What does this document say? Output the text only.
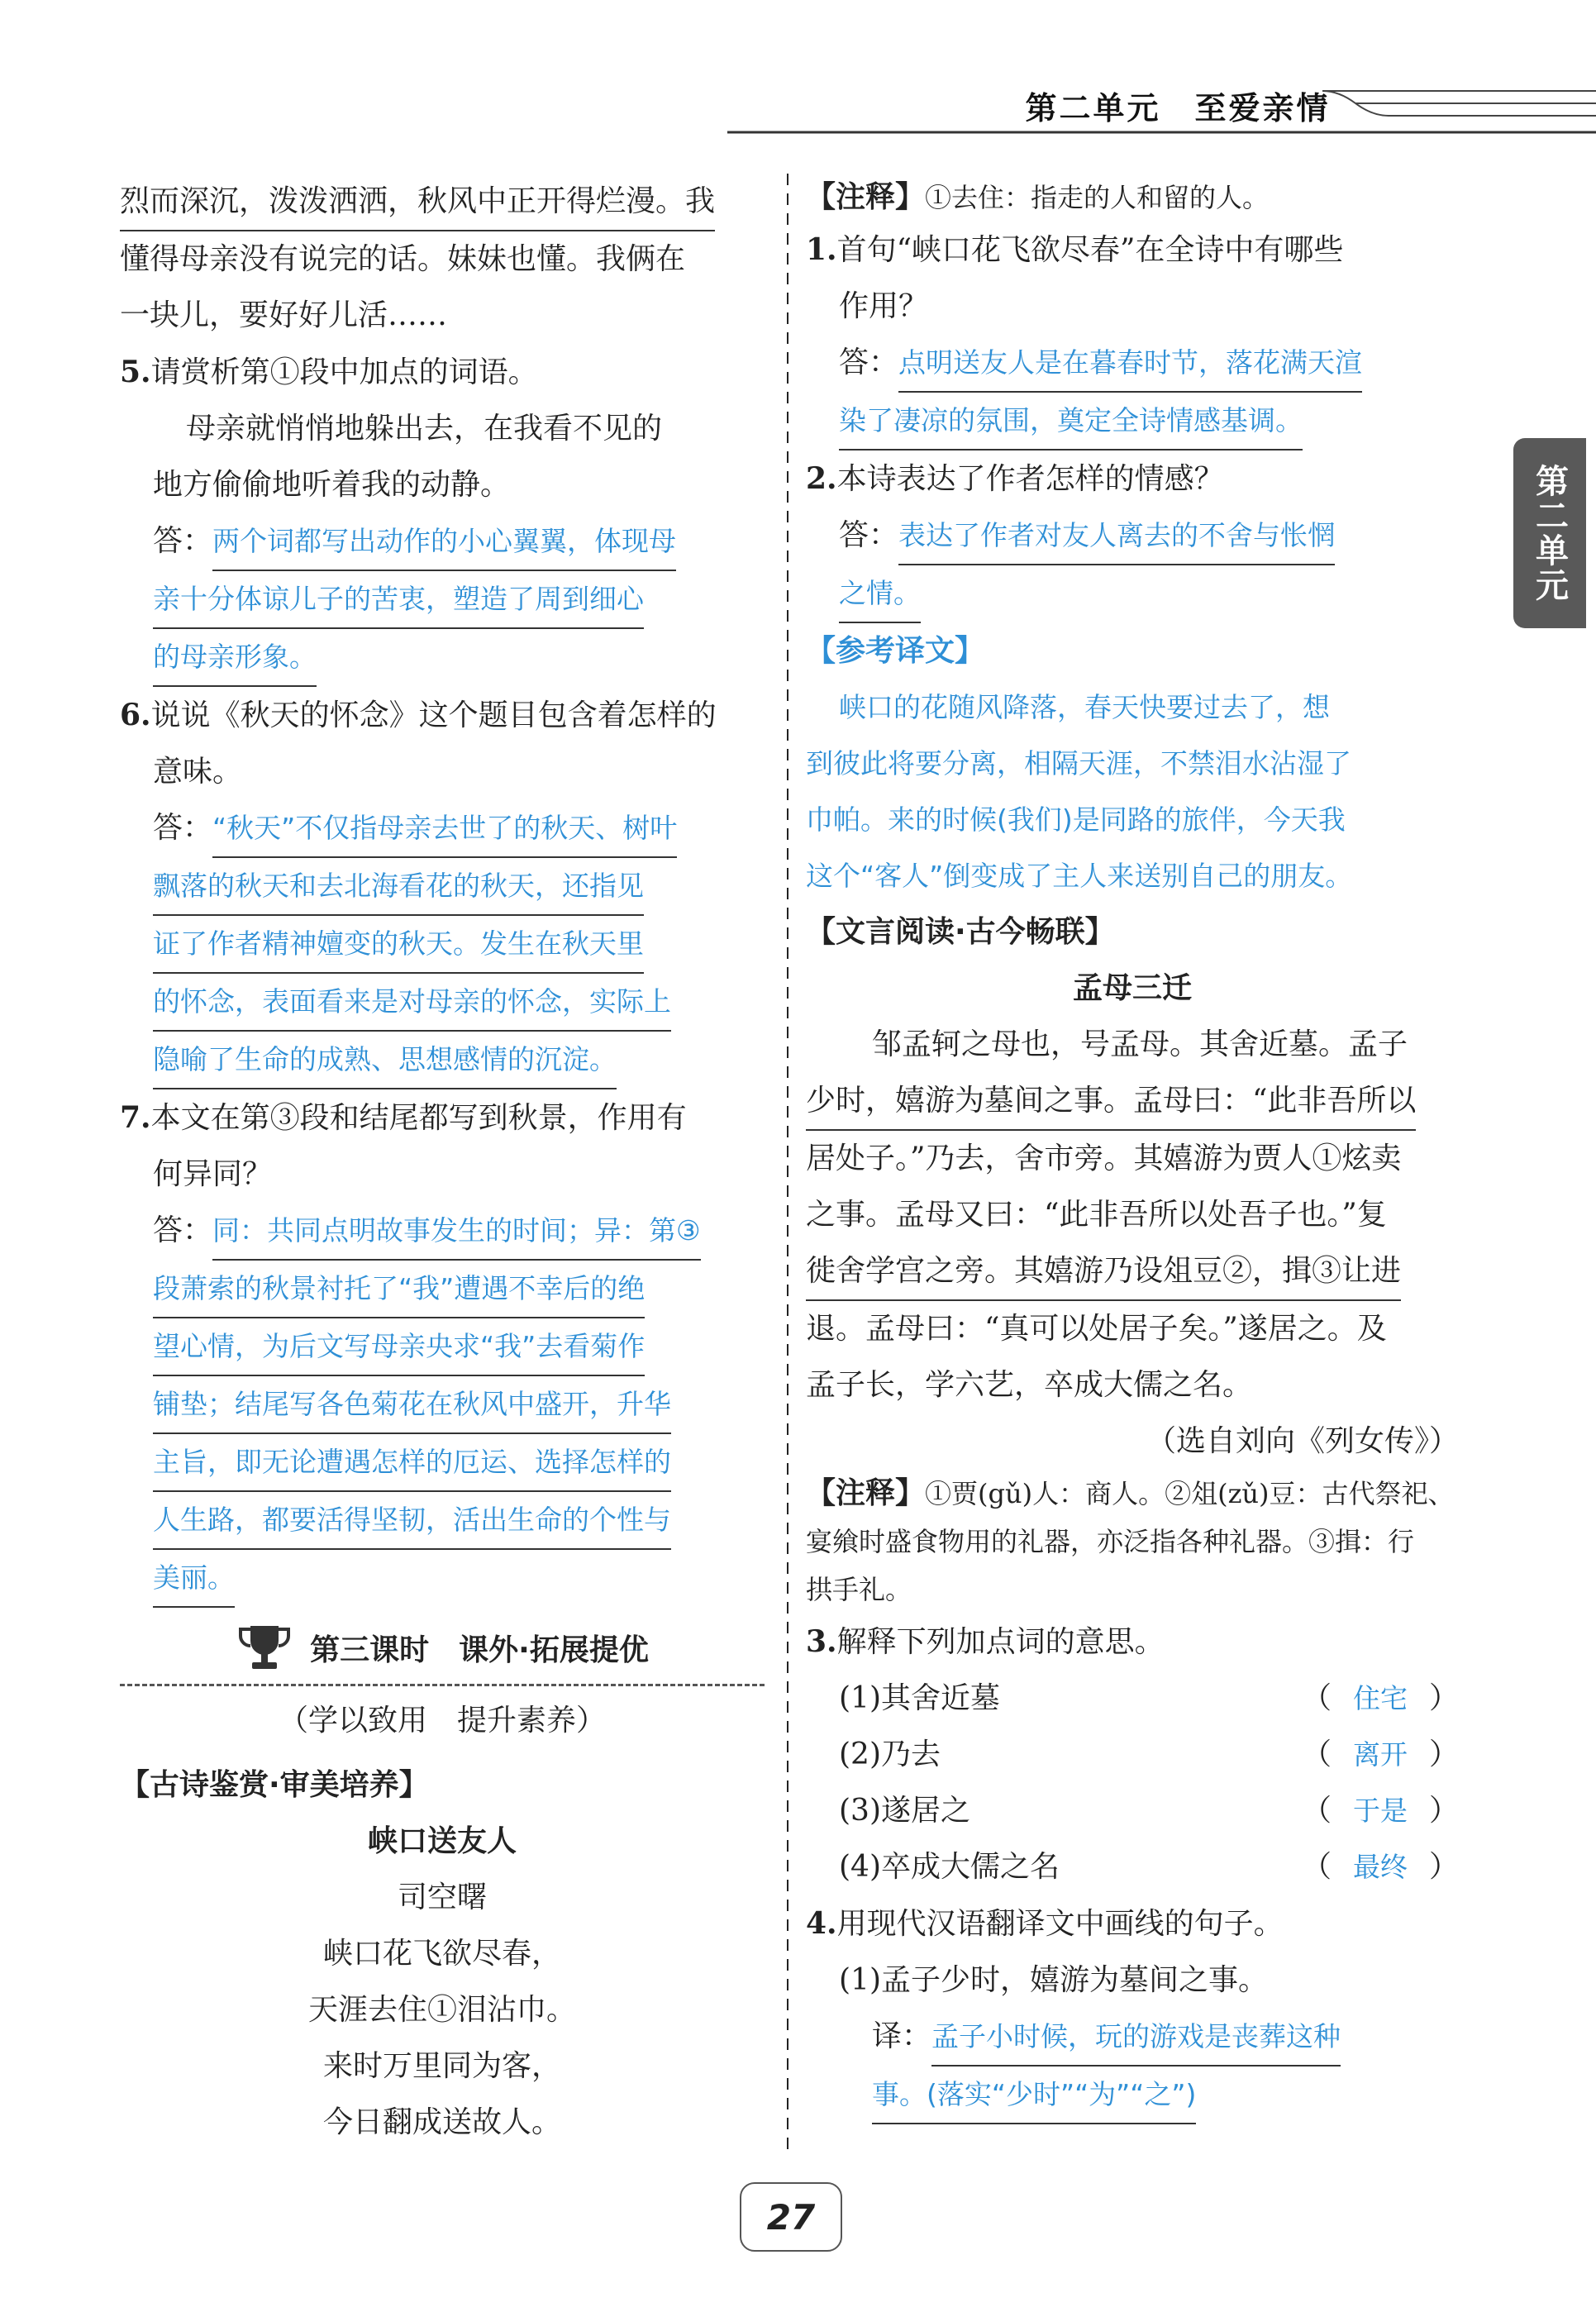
第二单元　至爱亲情
第二单元
烈而深沉，泼泼洒洒，秋风中正开得烂漫。我
懂得母亲没有说完的话。妹妹也懂。我俩在
一块儿，要好好儿活……
5.请赏析第①段中加点的词语。
母亲就悄悄地躲出去，在我看不见的
地方偷偷地听着我的动静。
答：两个词都写出动作的小心翼翼，体现母
亲十分体谅儿子的苦衷，塑造了周到细心
的母亲形象。
6.说说《秋天的怀念》这个题目包含着怎样的
意味。
答：“秋天”不仅指母亲去世了的秋天、树叶
飘落的秋天和去北海看花的秋天，还指见
证了作者精神嬗变的秋天。发生在秋天里
的怀念，表面看来是对母亲的怀念，实际上
隐喻了生命的成熟、思想感情的沉淀。
7.本文在第③段和结尾都写到秋景，作用有
何异同？
答：同：共同点明故事发生的时间；异：第③
段萧索的秋景衬托了“我”遭遇不幸后的绝
望心情，为后文写母亲央求“我”去看菊作
铺垫；结尾写各色菊花在秋风中盛开，升华
主旨，即无论遭遇怎样的厄运、选择怎样的
人生路，都要活得坚韧，活出生命的个性与
美丽。
第三课时　课外·拓展提优
（学以致用　提升素养）
【古诗鉴赏·审美培养】
峡口送友人
司空曙
峡口花飞欲尽春，
天涯去住①泪沾巾。
来时万里同为客，
今日翻成送故人。
【注释】①去住：指走的人和留的人。
1.首句“峡口花飞欲尽春”在全诗中有哪些
作用？
答：点明送友人是在暮春时节，落花满天渲
染了凄凉的氛围，奠定全诗情感基调。
2.本诗表达了作者怎样的情感？
答：表达了作者对友人离去的不舍与怅惘
之情。
【参考译文】
峡口的花随风降落，春天快要过去了，想
到彼此将要分离，相隔天涯，不禁泪水沾湿了
巾帕。来的时候(我们)是同路的旅伴，今天我
这个“客人”倒变成了主人来送别自己的朋友。
【文言阅读·古今畅联】
孟母三迁
邹孟轲之母也，号孟母。其舍近墓。孟子
少时，嬉游为墓间之事。孟母曰：“此非吾所以
居处子。”乃去，舍市旁。其嬉游为贾人①炫卖
之事。孟母又曰：“此非吾所以处吾子也。”复
徙舍学宫之旁。其嬉游乃设俎豆②，揖③让进
退。孟母曰：“真可以处居子矣。”遂居之。及
孟子长，学六艺，卒成大儒之名。
（选自刘向《列女传》）
【注释】①贾(gǔ)人：商人。②俎(zǔ)豆：古代祭祀、
宴飨时盛食物用的礼器，亦泛指各种礼器。③揖：行
拱手礼。
3.解释下列加点词的意思。
(1)其舍近墓	（ 住宅 ）
(2)乃去	（ 离开 ）
(3)遂居之	（ 于是 ）
(4)卒成大儒之名	（ 最终 ）
4.用现代汉语翻译文中画线的句子。
(1)孟子少时，嬉游为墓间之事。
译：孟子小时候，玩的游戏是丧葬这种
事。(落实“少时”“为”“之”)
27
